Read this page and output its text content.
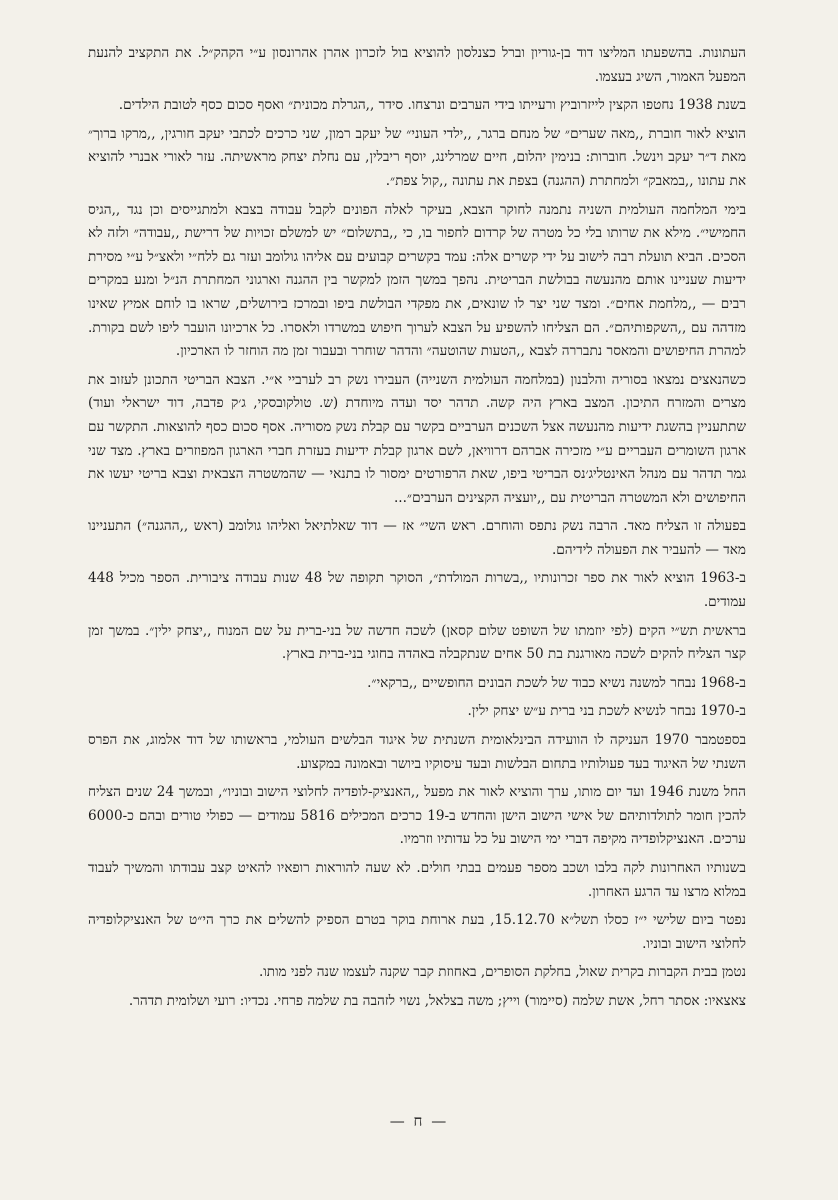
העתונות. בהשפעתו המליצו דוד בן-גוריון וברל כצנלסון להוציא בול לזכרון אהרן אהרונסון ע״י הקהק״ל. את התקציב להנעת המפעל האמור, השיג בעצמו.

בשנת 1938 נחטפו הקצין לייזרוביץ ורעייתו בידי הערבים ונרצחו. סידר ,,הגרלת מכונית״ ואסף סכום כסף לטובת הילדים.

הוציא לאור חוברת ,,מאה שערים״ של מנחם ברגר, ,,ילדי העוני״ של יעקב רמון, שני כרכים לכתבי יעקב חורגין, ,,מרקו ברוך״ מאת ד״ר יעקב וינשל. חוברות: בנימין יהלום, חיים שמרלינג, יוסף ריבלין, עם נחלת יצחק מראשיתה. עזר לאורי אבנרי להוציא את עתונו ,,במאבק״ ולמחתרת (ההגנה) בצפת את עתונה ,,קול צפת״.

בימי המלחמה העולמית השניה נתמנה לחוקר הצבא, בעיקר לאלה הפונים לקבל עבודה בצבא ולמתגייסים וכן נגד ,,הגיס החמישי״. מילא את שרותו בלי כל מטרה של קרדום לחפור בו, כי ,,בתשלום״ יש למשלם זכויות של דרישת ,,עבודה״ ולזה לא הסכים. הביא תועלת רבה לישוב על ידי קשרים אלה: עמד בקשרים קבועים עם אליהו גולומב ועזר גם ללח״י ולאצ״ל ע״י מסירת ידיעות שעניינו אותם מהנעשה בבולשת הבריטית. נהפך במשך הזמן למקשר בין ההגנה וארגוני המחתרת הנ״ל ומנע במקרים רבים — ,,מלחמת אחים״. ומצד שני יצר לו שונאים, את מפקדי הבולשת ביפו ובמרכז בירושלים, שראו בו לוחם אמיץ שאינו מזדהה עם ,,השקפותיהם״. הם הצליחו להשפיע על הצבא לערוך חיפוש במשרדו ולאסרו. כל ארכיונו הועבר ליפו לשם בקורת. למהרת החיפושים והמאסר נתבררה לצבא ,,הטעות שהוטעה״ והדהר שוחרר ובעבור זמן מה הוחזר לו הארכיון.

כשהנאצים נמצאו בסוריה והלבנון (במלחמה העולמית השנייה) העבירו נשק רב לערביי א״י. הצבא הבריטי התכונן לעזוב את מצרים והמזרח התיכון. המצב בארץ היה קשה. תדהר יסד ועדה מיוחדת (ש. טולקובסקי, ג׳ק פדבה, דוד ישראלי ועוד) שתתעניין בהשגת ידיעות מהנעשה אצל השכנים הערביים בקשר עם קבלת נשק מסוריה. אסף סכום כסף להוצאות. התקשר עם ארגון השומרים העבריים ע״י מזכירה אברהם דרוויאן, לשם ארגון קבלת ידיעות בעזרת חברי הארגון המפוזרים בארץ. מצד שני גמר תדהר עם מנהל האינטליג׳נס הבריטי ביפו, שאת הרפורטים ימסור לו בתנאי — שהמשטרה הצבאית וצבא בריטי יעשו את החיפושים ולא המשטרה הבריטית עם ,,יועציה הקצינים הערבים״...

בפעולה זו הצליח מאד. הרבה נשק נתפס והוחרם. ראש השי״ אז — דוד שאלתיאל ואליהו גולומב (ראש ,,ההגנה״) התעניינו מאד — להעביר את הפעולה לידיהם.

ב-1963 הוציא לאור את ספר זכרונותיו ,,בשרות המולדת״, הסוקר תקופה של 48 שנות עבודה ציבורית. הספר מכיל 448 עמודים.

בראשית תש״י הקים (לפי יוזמתו של השופט שלום קסאן) לשכה חדשה של בני-ברית על שם המנוח ,,יצחק ילין״. במשך זמן קצר הצליח להקים לשכה מאורגנת בת 50 אחים שנתקבלה באהדה בחוגי בני-ברית בארץ.

ב-1968 נבחר למשנה נשיא כבוד של לשכת הבונים החופשיים ,,ברקאי״.

ב-1970 נבחר לנשיא לשכת בני ברית ע״ש יצחק ילין.

בספטמבר 1970 העניקה לו הוועידה הבינלאומית השנתית של איגוד הבלשים העולמי, בראשותו של דוד אלמוג, את הפרס השנתי של האיגוד בעד פעולותיו בתחום הבלשות ובעד עיסוקיו ביושר ובאמונה במקצוע.

החל משנת 1946 ועד יום מותו, ערך והוציא לאור את מפעל ,,האנציק-לופדיה לחלוצי הישוב ובוניו״, ובמשך 24 שנים הצליח להכין חומר לתולדותיהם של אישי הישוב הישן והחדש ב-19 כרכים המכילים 5816 עמודים — כפולי טורים ובהם כ-6000 ערכים. האנציקלופדיה מקיפה דברי ימי הישוב על כל עדותיו וזרמיו.

בשנותיו האחרונות לקה בלבו ושכב מספר פעמים בבתי חולים. לא שעה להוראות רופאיו להאיט קצב עבודתו והמשיך לעבוד במלוא מרצו עד הרגע האחרון.

נפטר ביום שלישי י״ז כסלו תשל״א 15.12.70, בעת ארוחת בוקר בטרם הספיק להשלים את כרך הי״ט של האנציקלופדיה לחלוצי הישוב ובוניו.

נטמן בבית הקברות בקרית שאול, בחלקת הסופרים, באחוזת קבר שקנה לעצמו שנה לפני מותו.

צאצאיו: אסתר רחל, אשת שלמה (סיימור) וייץ; משה בצלאל, נשוי לזהבה בת שלמה פרחי. נכדיו: רועי ושלומית תדהר.

— ח —
